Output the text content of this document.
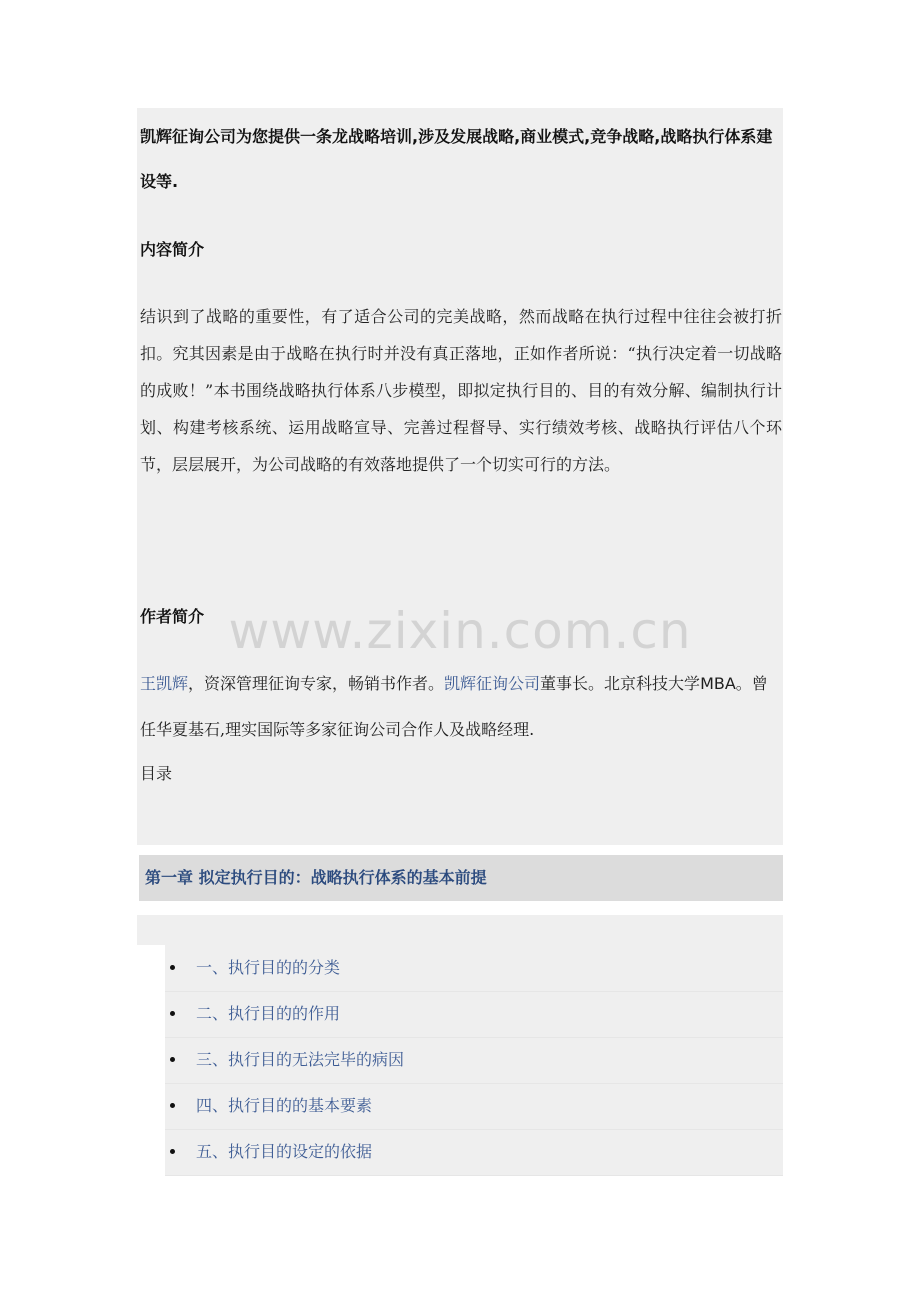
凯辉征询公司为您提供一条龙战略培训,涉及发展战略,商业模式,竞争战略,战略执行体系建设等.
内容简介
结识到了战略的重要性，有了适合公司的完美战略，然而战略在执行过程中往往会被打折扣。究其因素是由于战略在执行时并没有真正落地，正如作者所说：“执行决定着一切战略的成败！”本书围绕战略执行体系八步模型，即拟定执行目的、目的有效分解、编制执行计划、构建考核系统、运用战略宣导、完善过程督导、实行绩效考核、战略执行评估八个环节，层层展开，为公司战略的有效落地提供了一个切实可行的方法。
作者简介
王凯辉，资深管理征询专家，畅销书作者。凯辉征询公司董事长。北京科技大学MBA。曾任华夏基石,理实国际等多家征询公司合作人及战略经理.
目录
www.zixin.com.cn
第一章 拟定执行目的：战略执行体系的基本前提
一、执行目的的分类
二、执行目的的作用
三、执行目的无法完毕的病因
四、执行目的的基本要素
五、执行目的设定的依据
